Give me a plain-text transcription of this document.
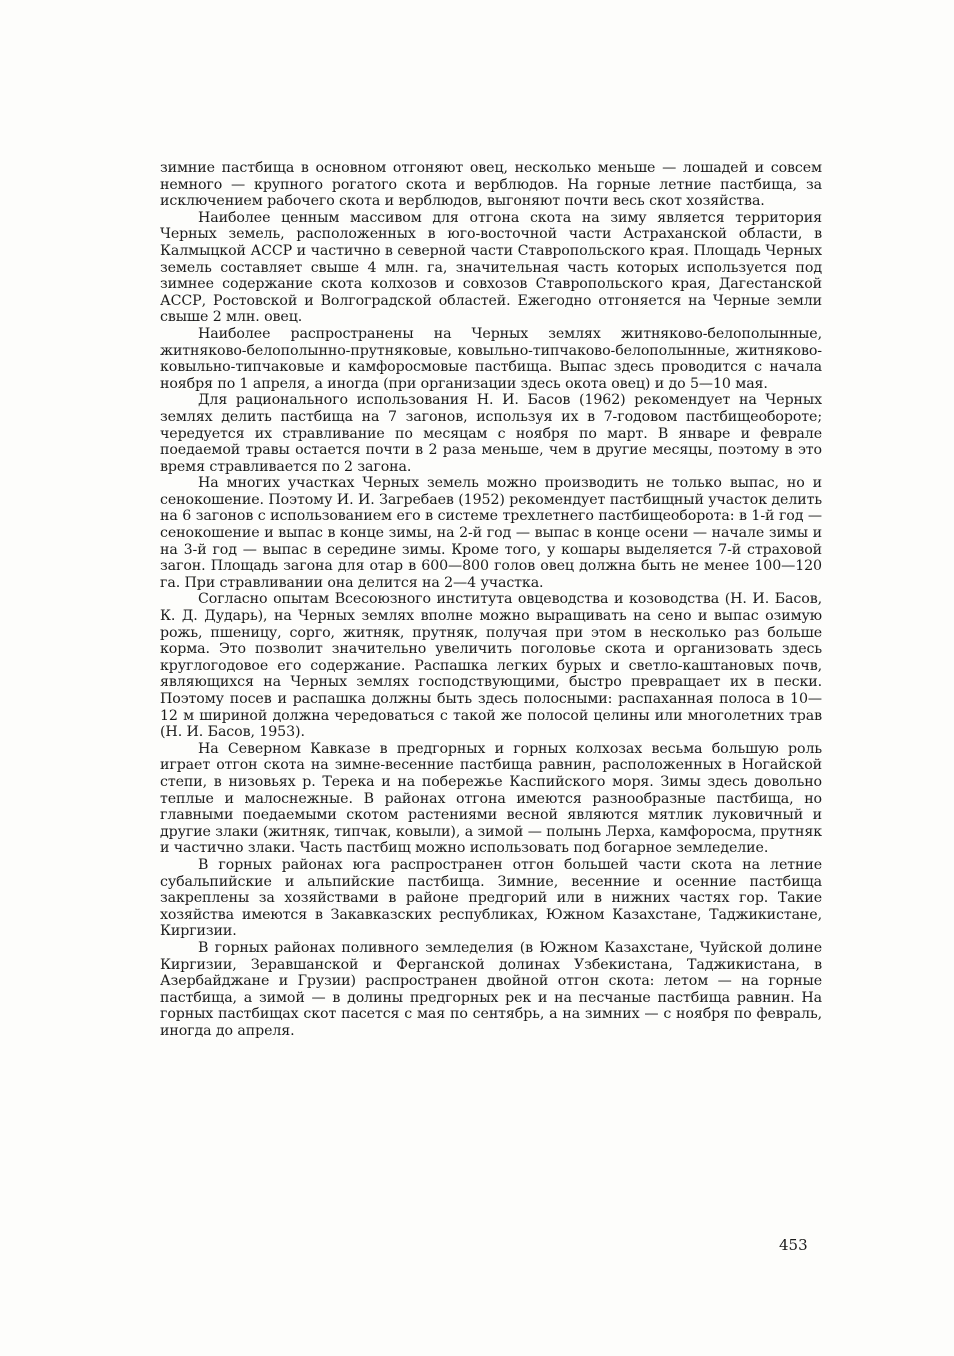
зимние пастбища в основном отгоняют овец, несколько меньше — лошадей и совсем немного — крупного рогатого скота и верблюдов. На горные летние пастбища, за исключением рабочего скота и верблюдов, выгоняют почти весь скот хозяйства.

Наиболее ценным массивом для отгона скота на зиму является территория Черных земель, расположенных в юго-восточной части Астраханской области, в Калмыцкой АССР и частично в северной части Ставропольского края. Площадь Черных земель составляет свыше 4 млн. га, значительная часть которых используется под зимнее содержание скота колхозов и совхозов Ставропольского края, Дагестанской АССР, Ростовской и Волгоградской областей. Ежегодно отгоняется на Черные земли свыше 2 млн. овец.

Наиболее распространены на Черных землях житняково-белополынные, житняково-белополынно-прутняковые, ковыльно-типчаково-белополынные, житняково-ковыльно-типчаковые и камфоросмовые пастбища. Выпас здесь проводится с начала ноября по 1 апреля, а иногда (при организации здесь окота овец) и до 5—10 мая.

Для рационального использования Н. И. Басов (1962) рекомендует на Черных землях делить пастбища на 7 загонов, используя их в 7-годовом пастбищеобороте; чередуется их стравливание по месяцам с ноября по март. В январе и феврале поедаемой травы остается почти в 2 раза меньше, чем в другие месяцы, поэтому в это время стравливается по 2 загона.

На многих участках Черных земель можно производить не только выпас, но и сенокошение. Поэтому И. И. Загребаев (1952) рекомендует пастбищный участок делить на 6 загонов с использованием его в системе трехлетнего пастбищеоборота: в 1-й год — сенокошение и выпас в конце зимы, на 2-й год — выпас в конце осени — начале зимы и на 3-й год — выпас в середине зимы. Кроме того, у кошары выделяется 7-й страховой загон. Площадь загона для отар в 600—800 голов овец должна быть не менее 100—120 га. При стравливании она делится на 2—4 участка.

Согласно опытам Всесоюзного института овцеводства и козоводства (Н. И. Басов, К. Д. Дударь), на Черных землях вполне можно выращивать на сено и выпас озимую рожь, пшеницу, сорго, житняк, прутняк, получая при этом в несколько раз больше корма. Это позволит значительно увеличить поголовье скота и организовать здесь круглогодовое его содержание. Распашка легких бурых и светло-каштановых почв, являющихся на Черных землях господствующими, быстро превращает их в пески. Поэтому посев и распашка должны быть здесь полосными: распаханная полоса в 10—12 м шириной должна чередоваться с такой же полосой целины или многолетних трав (Н. И. Басов, 1953).

На Северном Кавказе в предгорных и горных колхозах весьма большую роль играет отгон скота на зимне-весенние пастбища равнин, расположенных в Ногайской степи, в низовьях р. Терека и на побережье Каспийского моря. Зимы здесь довольно теплые и малоснежные. В районах отгона имеются разнообразные пастбища, но главными поедаемыми скотом растениями весной являются мятлик луковичный и другие злаки (житняк, типчак, ковыли), а зимой — полынь Лерха, камфоросма, прутняк и частично злаки. Часть пастбищ можно использовать под богарное земледелие.

В горных районах юга распространен отгон большей части скота на летние субальпийские и альпийские пастбища. Зимние, весенние и осенние пастбища закреплены за хозяйствами в районе предгорий или в нижних частях гор. Такие хозяйства имеются в Закавказских республиках, Южном Казахстане, Таджикистане, Киргизии.

В горных районах поливного земледелия (в Южном Казахстане, Чуйской долине Киргизии, Зеравшанской и Ферганской долинах Узбекистана, Таджикистана, в Азербайджане и Грузии) распространен двойной отгон скота: летом — на горные пастбища, а зимой — в долины предгорных рек и на песчаные пастбища равнин. На горных пастбищах скот пасется с мая по сентябрь, а на зимних — с ноября по февраль, иногда до апреля.

453
